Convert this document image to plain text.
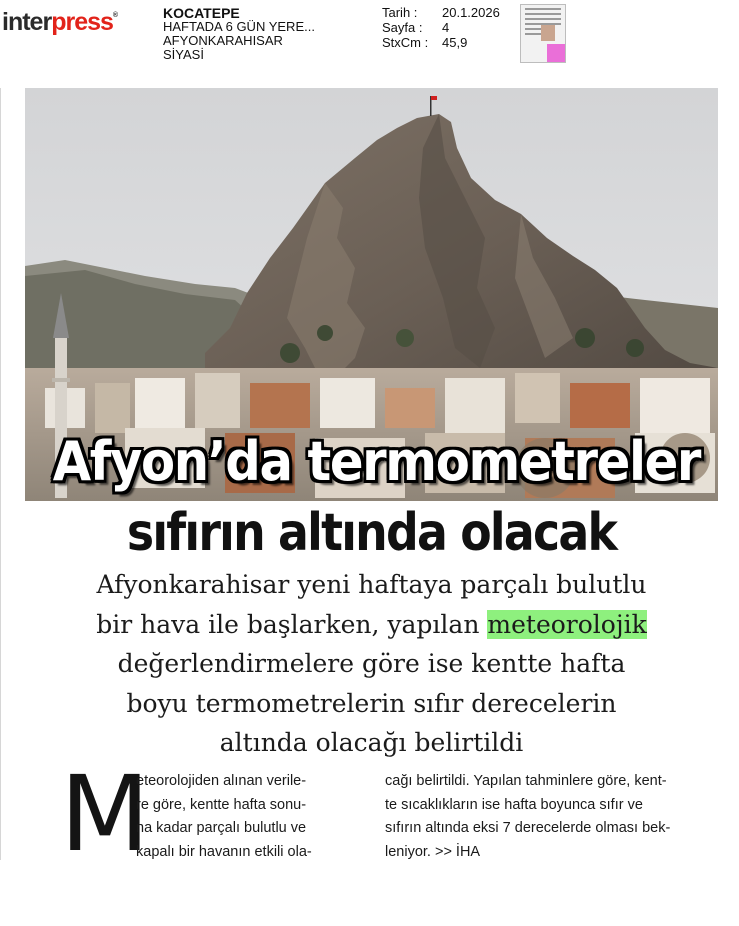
interpress®	KOCATEPE
HAFTADA 6 GÜN YERE...
AFYONKARAHISAR
SİYASİ
Tarih :	20.1.2026
Sayfa :	4
StxCm :	45,9
Afyon’da termometreler
sıfırın altında olacak
Afyonkarahisar yeni haftaya parçalı bulutlu
bir hava ile başlarken, yapılan meteorolojik
değerlendirmelere göre ise kentte hafta
boyu termometrelerin sıfır derecelerin
altında olacağı belirtildi
M
eteorolojiden alınan verile-
re göre, kentte hafta sonu-
na kadar parçalı bulutlu ve
kapalı bir havanın etkili ola-
cağı belirtildi. Yapılan tahminlere göre, kent-
te sıcaklıkların ise hafta boyunca sıfır ve
sıfırın altında eksi 7 derecelerde olması bek-
leniyor. >> İHA
